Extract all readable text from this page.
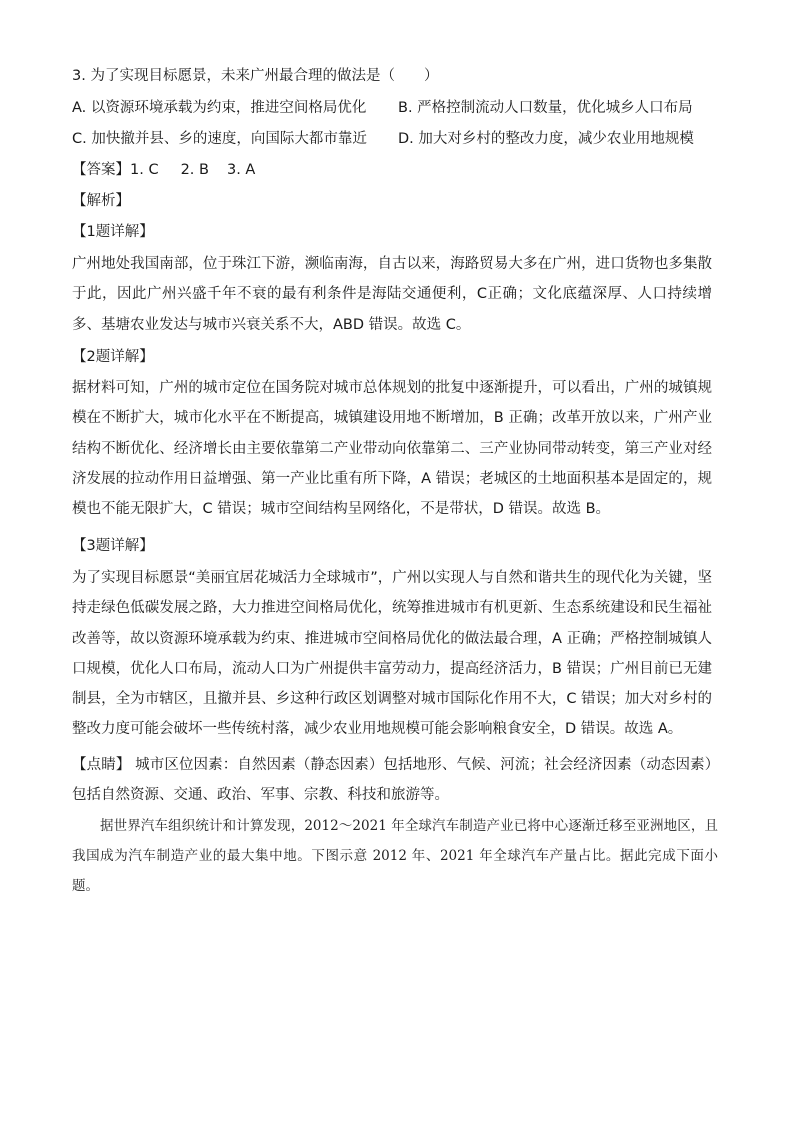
3. 为了实现目标愿景，未来广州最合理的做法是（　　）
A. 以资源环境承载为约束，推进空间格局优化 B. 严格控制流动人口数量，优化城乡人口布局
C. 加快撤并县、乡的速度，向国际大都市靠近 D. 加大对乡村的整改力度，减少农业用地规模
【答案】1. C 2. B 3. A
【解析】
【1题详解】
广州地处我国南部，位于珠江下游，濒临南海，自古以来，海路贸易大多在广州，进口货物也多集散于此，因此广州兴盛千年不衰的最有利条件是海陆交通便利，C正确；文化底蕴深厚、人口持续增多、基塘农业发达与城市兴衰关系不大，ABD 错误。故选 C。
【2题详解】
据材料可知，广州的城市定位在国务院对城市总体规划的批复中逐渐提升，可以看出，广州的城镇规模在不断扩大，城市化水平在不断提高，城镇建设用地不断增加，B 正确；改革开放以来，广州产业结构不断优化、经济增长由主要依靠第二产业带动向依靠第二、三产业协同带动转变，第三产业对经济发展的拉动作用日益增强、第一产业比重有所下降，A 错误；老城区的土地面积基本是固定的，规模也不能无限扩大，C 错误；城市空间结构呈网络化，不是带状，D 错误。故选 B。
【3题详解】
为了实现目标愿景“美丽宜居花城活力全球城市”，广州以实现人与自然和谐共生的现代化为关键，坚持走绿色低碳发展之路，大力推进空间格局优化，统筹推进城市有机更新、生态系统建设和民生福祉改善等，故以资源环境承载为约束、推进城市空间格局优化的做法最合理，A 正确；严格控制城镇人口规模，优化人口布局，流动人口为广州提供丰富劳动力，提高经济活力，B 错误；广州目前已无建制县，全为市辖区，且撤并县、乡这种行政区划调整对城市国际化作用不大，C 错误；加大对乡村的整改力度可能会破坏一些传统村落，减少农业用地规模可能会影响粮食安全，D 错误。故选 A。
【点睛】 城市区位因素：自然因素（静态因素）包括地形、气候、河流；社会经济因素（动态因素）包括自然资源、交通、政治、军事、宗教、科技和旅游等。
据世界汽车组织统计和计算发现，2012～2021 年全球汽车制造产业已将中心逐渐迁移至亚洲地区，且我国成为汽车制造产业的最大集中地。下图示意 2012 年、2021 年全球汽车产量占比。据此完成下面小题。
